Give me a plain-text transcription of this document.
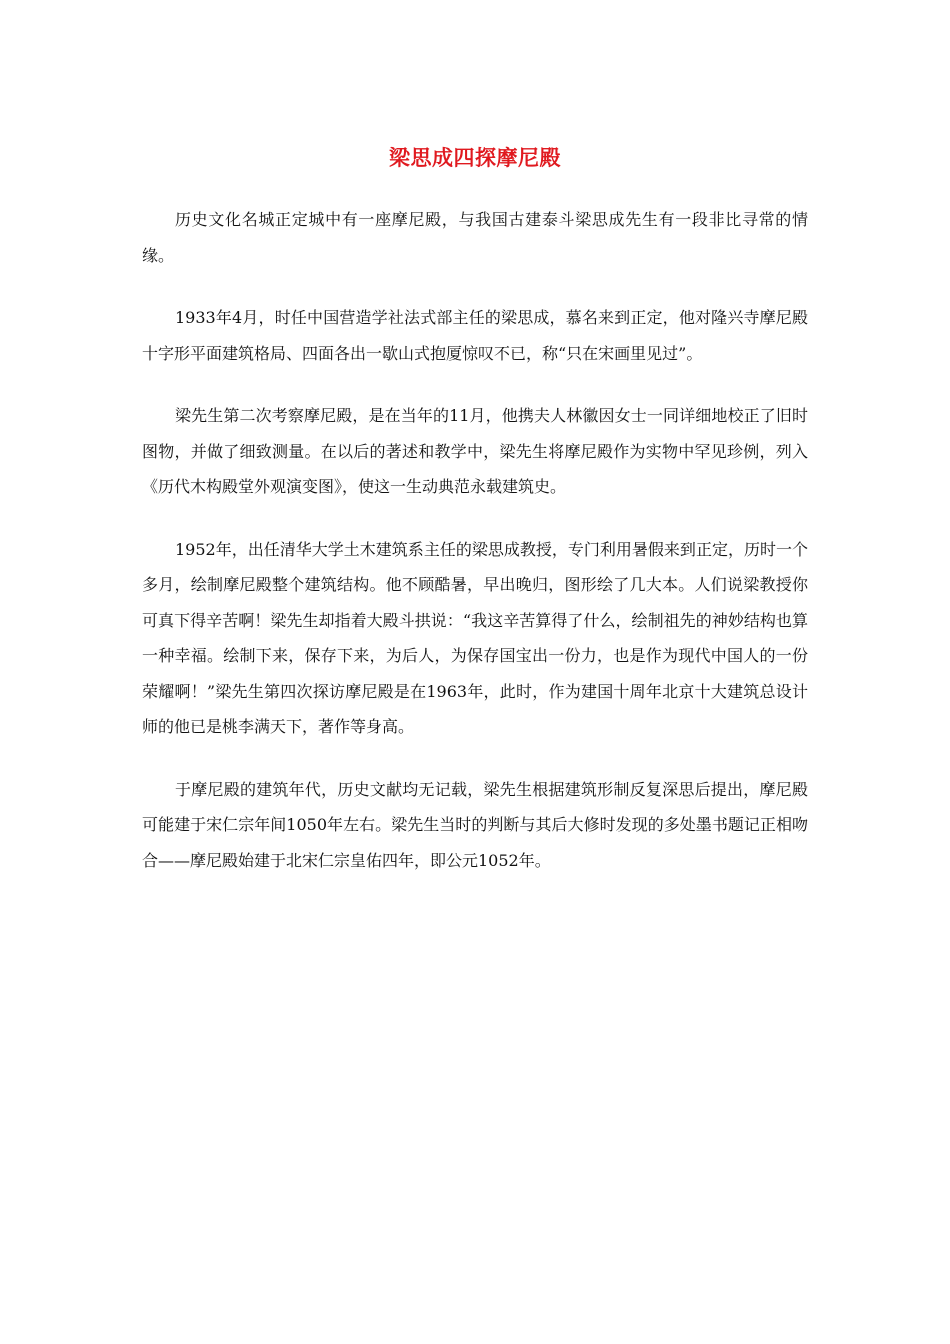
梁思成四探摩尼殿

历史文化名城正定城中有一座摩尼殿，与我国古建泰斗梁思成先生有一段非比寻常的情缘。

1933年4月，时任中国营造学社法式部主任的梁思成，慕名来到正定，他对隆兴寺摩尼殿十字形平面建筑格局、四面各出一歇山式抱厦惊叹不已，称“只在宋画里见过”。

梁先生第二次考察摩尼殿，是在当年的11月，他携夫人林徽因女士一同详细地校正了旧时图物，并做了细致测量。在以后的著述和教学中，梁先生将摩尼殿作为实物中罕见珍例，列入《历代木构殿堂外观演变图》，使这一生动典范永载建筑史。

1952年，出任清华大学土木建筑系主任的梁思成教授，专门利用暑假来到正定，历时一个多月，绘制摩尼殿整个建筑结构。他不顾酷暑，早出晚归，图形绘了几大本。人们说梁教授你可真下得辛苦啊！梁先生却指着大殿斗拱说：“我这辛苦算得了什么，绘制祖先的神妙结构也算一种幸福。绘制下来，保存下来，为后人，为保存国宝出一份力，也是作为现代中国人的一份荣耀啊！”梁先生第四次探访摩尼殿是在1963年，此时，作为建国十周年北京十大建筑总设计师的他已是桃李满天下，著作等身高。

于摩尼殿的建筑年代，历史文献均无记载，梁先生根据建筑形制反复深思后提出，摩尼殿可能建于宋仁宗年间1050年左右。梁先生当时的判断与其后大修时发现的多处墨书题记正相吻合——摩尼殿始建于北宋仁宗皇佑四年，即公元1052年。
